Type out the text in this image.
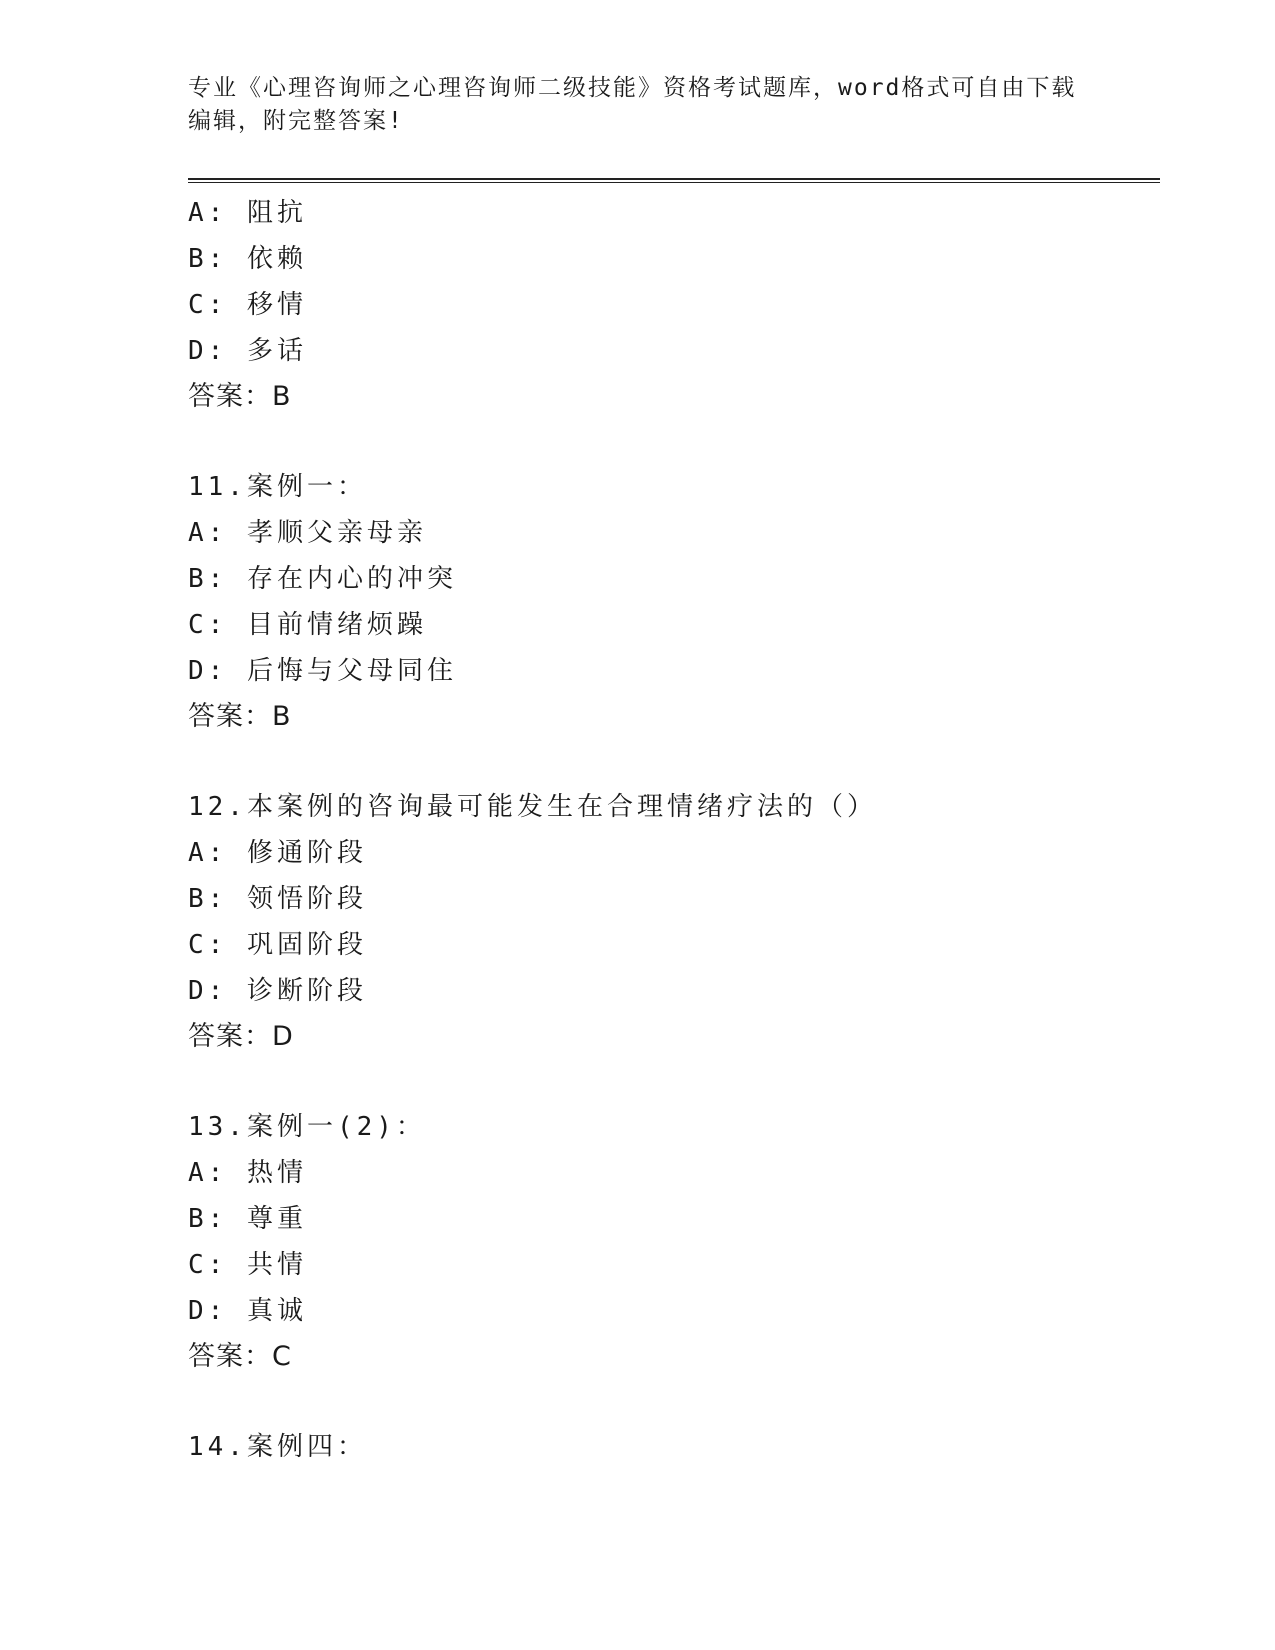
专业《心理咨询师之心理咨询师二级技能》资格考试题库，word格式可自由下载
编辑，附完整答案!
A: 阻抗
B: 依赖
C: 移情
D: 多话
答案：B
11.案例一：
A: 孝顺父亲母亲
B: 存在内心的冲突
C: 目前情绪烦躁
D: 后悔与父母同住
答案：B
12.本案例的咨询最可能发生在合理情绪疗法的（）
A: 修通阶段
B: 领悟阶段
C: 巩固阶段
D: 诊断阶段
答案：D
13.案例一(2)：
A: 热情
B: 尊重
C: 共情
D: 真诚
答案：C
14.案例四：
